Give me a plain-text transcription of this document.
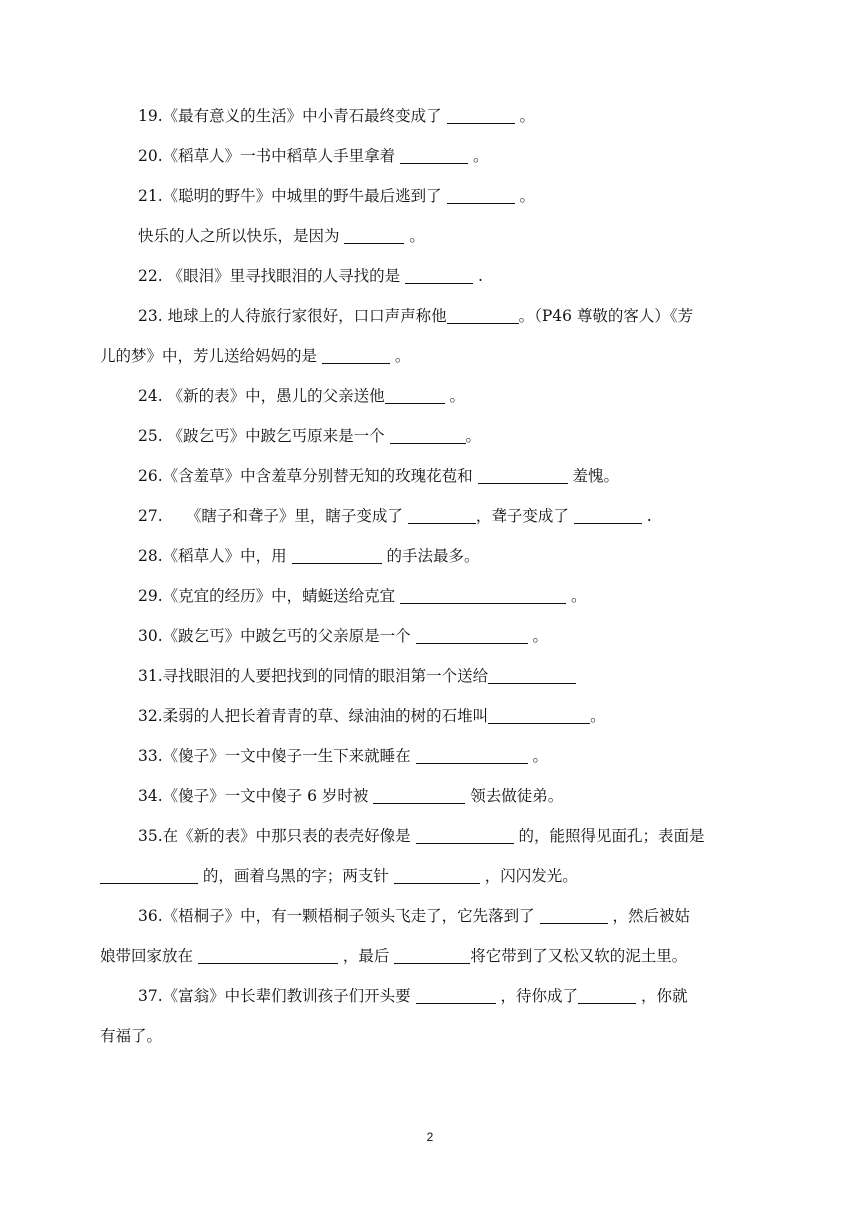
19.《最有意义的生活》中小青石最终变成了	。
20.《稻草人》一书中稻草人手里拿着	。
21.《聪明的野牛》中城里的野牛最后逃到了	。
快乐的人之所以快乐，是因为	。
22. 《眼泪》里寻找眼泪的人寻找的是	.
23. 地球上的人待旅行家很好，口口声声称他	。（P46 尊敬的客人）《芳
儿的梦》中，芳儿送给妈妈的是	。
24. 《新的表》中，愚儿的父亲送他	。
25. 《跛乞丐》中跛乞丐原来是一个	。
26.《含羞草》中含羞草分别替无知的玫瑰花苞和	羞愧。
27.　　《瞎子和聋子》里，瞎子变成了	，聋子变成了	.
28.《稻草人》中，用	的手法最多。
29.《克宜的经历》中，蜻蜓送给克宜	。
30.《跛乞丐》中跛乞丐的父亲原是一个	。
31.寻找眼泪的人要把找到的同情的眼泪第一个送给
32.柔弱的人把长着青青的草、绿油油的树的石堆叫	。
33.《傻子》一文中傻子一生下来就睡在	。
34.《傻子》一文中傻子 6 岁时被	领去做徒弟。
35.在《新的表》中那只表的表壳好像是	的，能照得见面孔；表面是
的，画着乌黑的字；两支针	，闪闪发光。
36.《梧桐子》中，有一颗梧桐子领头飞走了，它先落到了	，然后被姑
娘带回家放在	，最后	将它带到了又松又软的泥土里。
37.《富翁》中长辈们教训孩子们开头要	，待你成了	，你就
有福了。
2
